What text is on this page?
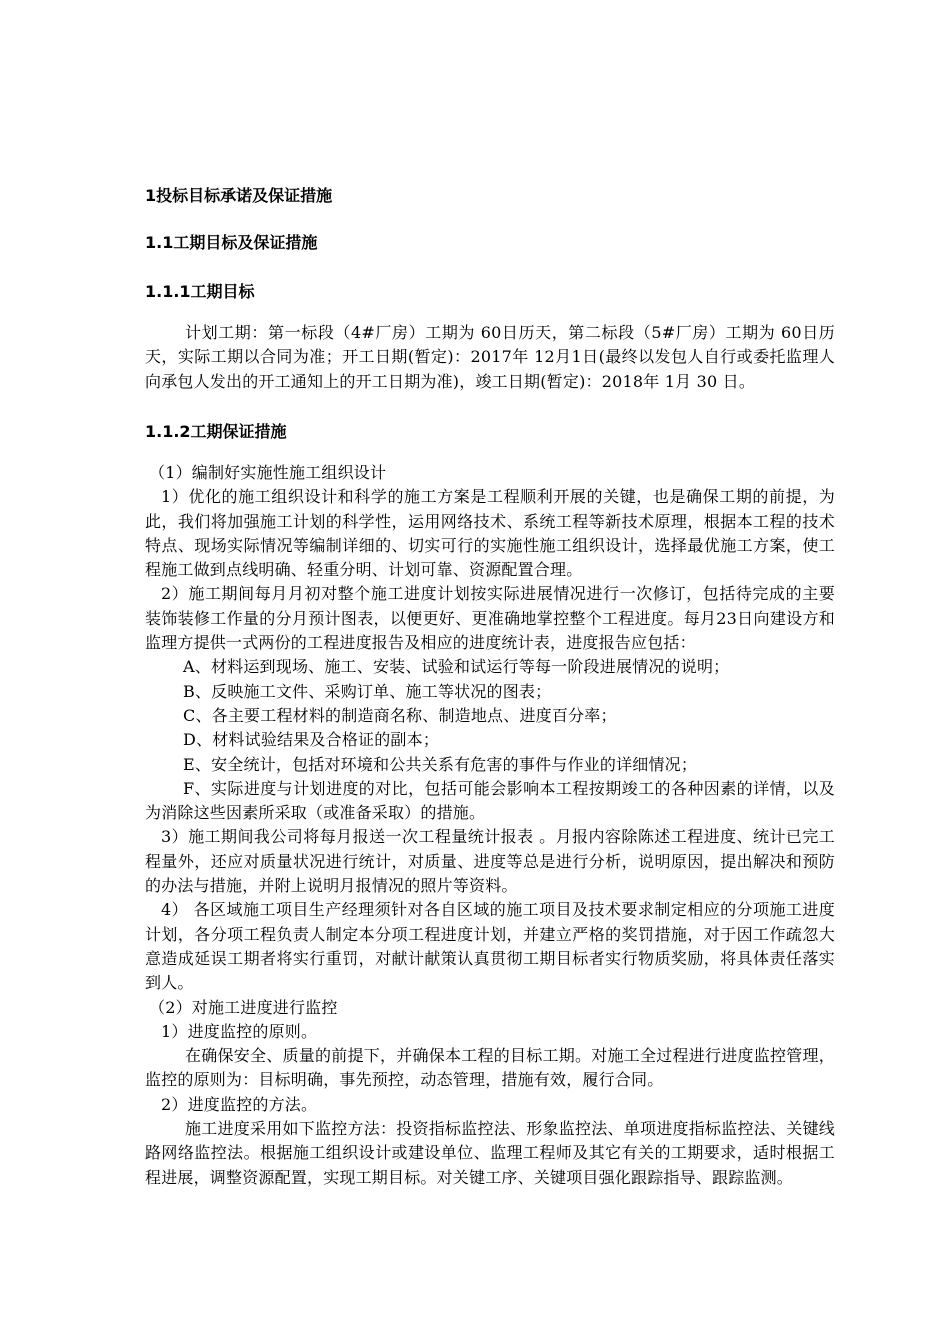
1投标目标承诺及保证措施
1.1工期目标及保证措施
1.1.1工期目标

计划工期：第一标段（4#厂房）工期为 60日历天，第二标段（5#厂房）工期为 60日历天，实际工期以合同为准；开工日期(暂定)：2017年 12月1日(最终以发包人自行或委托监理人向承包人发出的开工通知上的开工日期为准)，竣工日期(暂定)：2018年 1月 30 日。

1.1.2工期保证措施

（1）编制好实施性施工组织设计

1）优化的施工组织设计和科学的施工方案是工程顺利开展的关键，也是确保工期的前提，为此，我们将加强施工计划的科学性，运用网络技术、系统工程等新技术原理，根据本工程的技术特点、现场实际情况等编制详细的、切实可行的实施性施工组织设计，选择最优施工方案，使工程施工做到点线明确、轻重分明、计划可靠、资源配置合理。

2）施工期间每月月初对整个施工进度计划按实际进展情况进行一次修订，包括待完成的主要装饰装修工作量的分月预计图表，以便更好、更准确地掌控整个工程进度。每月23日向建设方和监理方提供一式两份的工程进度报告及相应的进度统计表，进度报告应包括：

A、材料运到现场、施工、安装、试验和试运行等每一阶段进展情况的说明；

B、反映施工文件、采购订单、施工等状况的图表；

C、各主要工程材料的制造商名称、制造地点、进度百分率；

D、材料试验结果及合格证的副本；

E、安全统计，包括对环境和公共关系有危害的事件与作业的详细情况；

F、实际进度与计划进度的对比，包括可能会影响本工程按期竣工的各种因素的详情，以及为消除这些因素所采取（或准备采取）的措施。

3）施工期间我公司将每月报送一次工程量统计报表 。月报内容除陈述工程进度、统计已完工程量外，还应对质量状况进行统计，对质量、进度等总是进行分析，说明原因，提出解决和预防的办法与措施，并附上说明月报情况的照片等资料。

4） 各区域施工项目生产经理须针对各自区域的施工项目及技术要求制定相应的分项施工进度计划，各分项工程负责人制定本分项工程进度计划，并建立严格的奖罚措施，对于因工作疏忽大意造成延误工期者将实行重罚，对献计献策认真贯彻工期目标者实行物质奖励，将具体责任落实到人。

（2）对施工进度进行监控

1）进度监控的原则。

在确保安全、质量的前提下，并确保本工程的目标工期。对施工全过程进行进度监控管理，监控的原则为：目标明确，事先预控，动态管理，措施有效，履行合同。

2）进度监控的方法。

施工进度采用如下监控方法：投资指标监控法、形象监控法、单项进度指标监控法、关键线路网络监控法。根据施工组织设计或建设单位、监理工程师及其它有关的工期要求，适时根据工程进展，调整资源配置，实现工期目标。对关键工序、关键项目强化跟踪指导、跟踪监测。
